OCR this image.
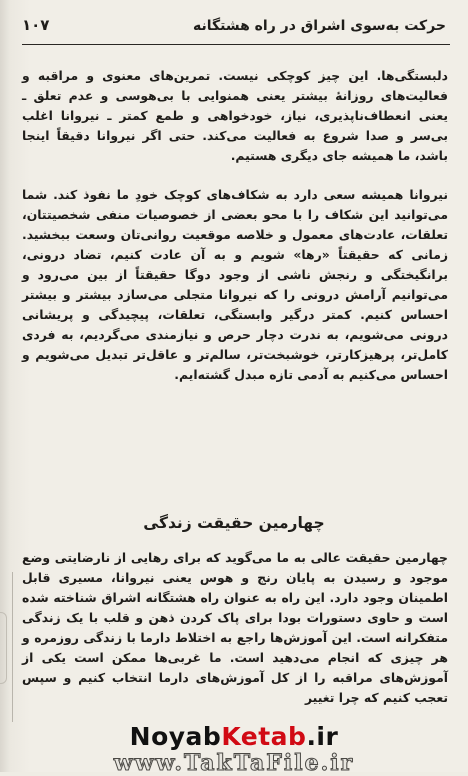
حرکت به‌سوی اشراق در راه هشتگانه
۱۰۷

دلبستگی‌ها. این چیز کوچکی نیست. تمرین‌های معنوی و مراقبه و فعالیت‌های روزانهٔ بیشتر یعنی همنوایی با بی‌هوسی و عدم تعلق ـ یعنی انعطاف‌ناپذیری، نیاز، خودخواهی و طمع کمتر ـ نیروانا اغلب بی‌سر و صدا شروع به فعالیت می‌کند. حتی اگر نیروانا دقیقاً اینجا باشد، ما همیشه جای دیگری هستیم.

نیروانا همیشه سعی دارد به شکاف‌های کوچک خودِ ما نفوذ کند. شما می‌توانید این شکاف را با محو بعضی از خصوصیات منفی شخصیتتان، تعلقات، عادت‌های معمول و خلاصه موقعیت روانی‌تان وسعت ببخشید. زمانی که حقیقتاً «رها» شویم و به آن عادت کنیم، تضاد درونی، برانگیختگی و رنجش ناشی از وجود دوگا حقیقتاً از بین می‌رود و می‌توانیم آرامش درونی را که نیروانا متجلی می‌سازد بیشتر و بیشتر احساس کنیم. کمتر درگیر وابستگی، تعلقات، پیچیدگی و پریشانی درونی می‌شویم، به ندرت دچار حرص و نیازمندی می‌گردیم، به فردی کامل‌تر، پرهیزکارتر، خوشبخت‌تر، سالم‌تر و عاقل‌تر تبدیل می‌شویم و احساس می‌کنیم به آدمی تازه مبدل گشته‌ایم.

چهارمین حقیقت زندگی

چهارمین حقیقت عالی به ما می‌گوید که برای رهایی از نارضایتی وضع موجود و رسیدن به پایان رنج و هوس یعنی نیروانا، مسیری قابل اطمینان وجود دارد. این راه به عنوان راه هشتگانه اشراق شناخته شده است و حاوی دستورات بودا برای پاک کردن ذهن و قلب با یک زندگی متفکرانه است. این آموزش‌ها راجع به اختلاط دارما با زندگی روزمره و هر چیزی که انجام می‌دهید است. ما غربی‌ها ممکن است یکی از آموزش‌های مراقبه را از کل آموزش‌های دارما انتخاب کنیم و سپس تعجب کنیم که چرا تغییر

NoyabKetab.ir
www.TakTaFile.ir
